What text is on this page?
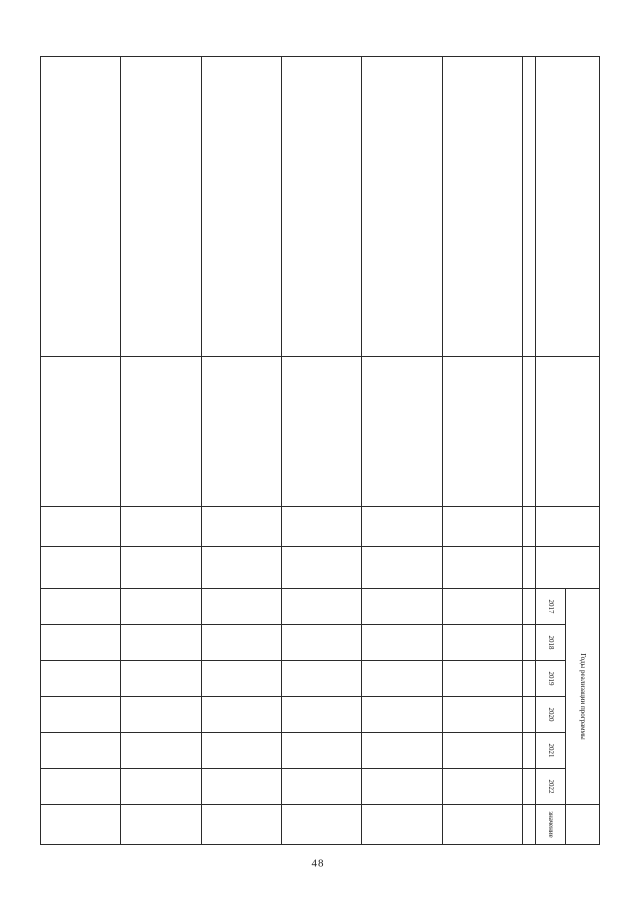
48
				Годы реализации программы						
				2017	2018	2019	2020	2021	2022	значение
